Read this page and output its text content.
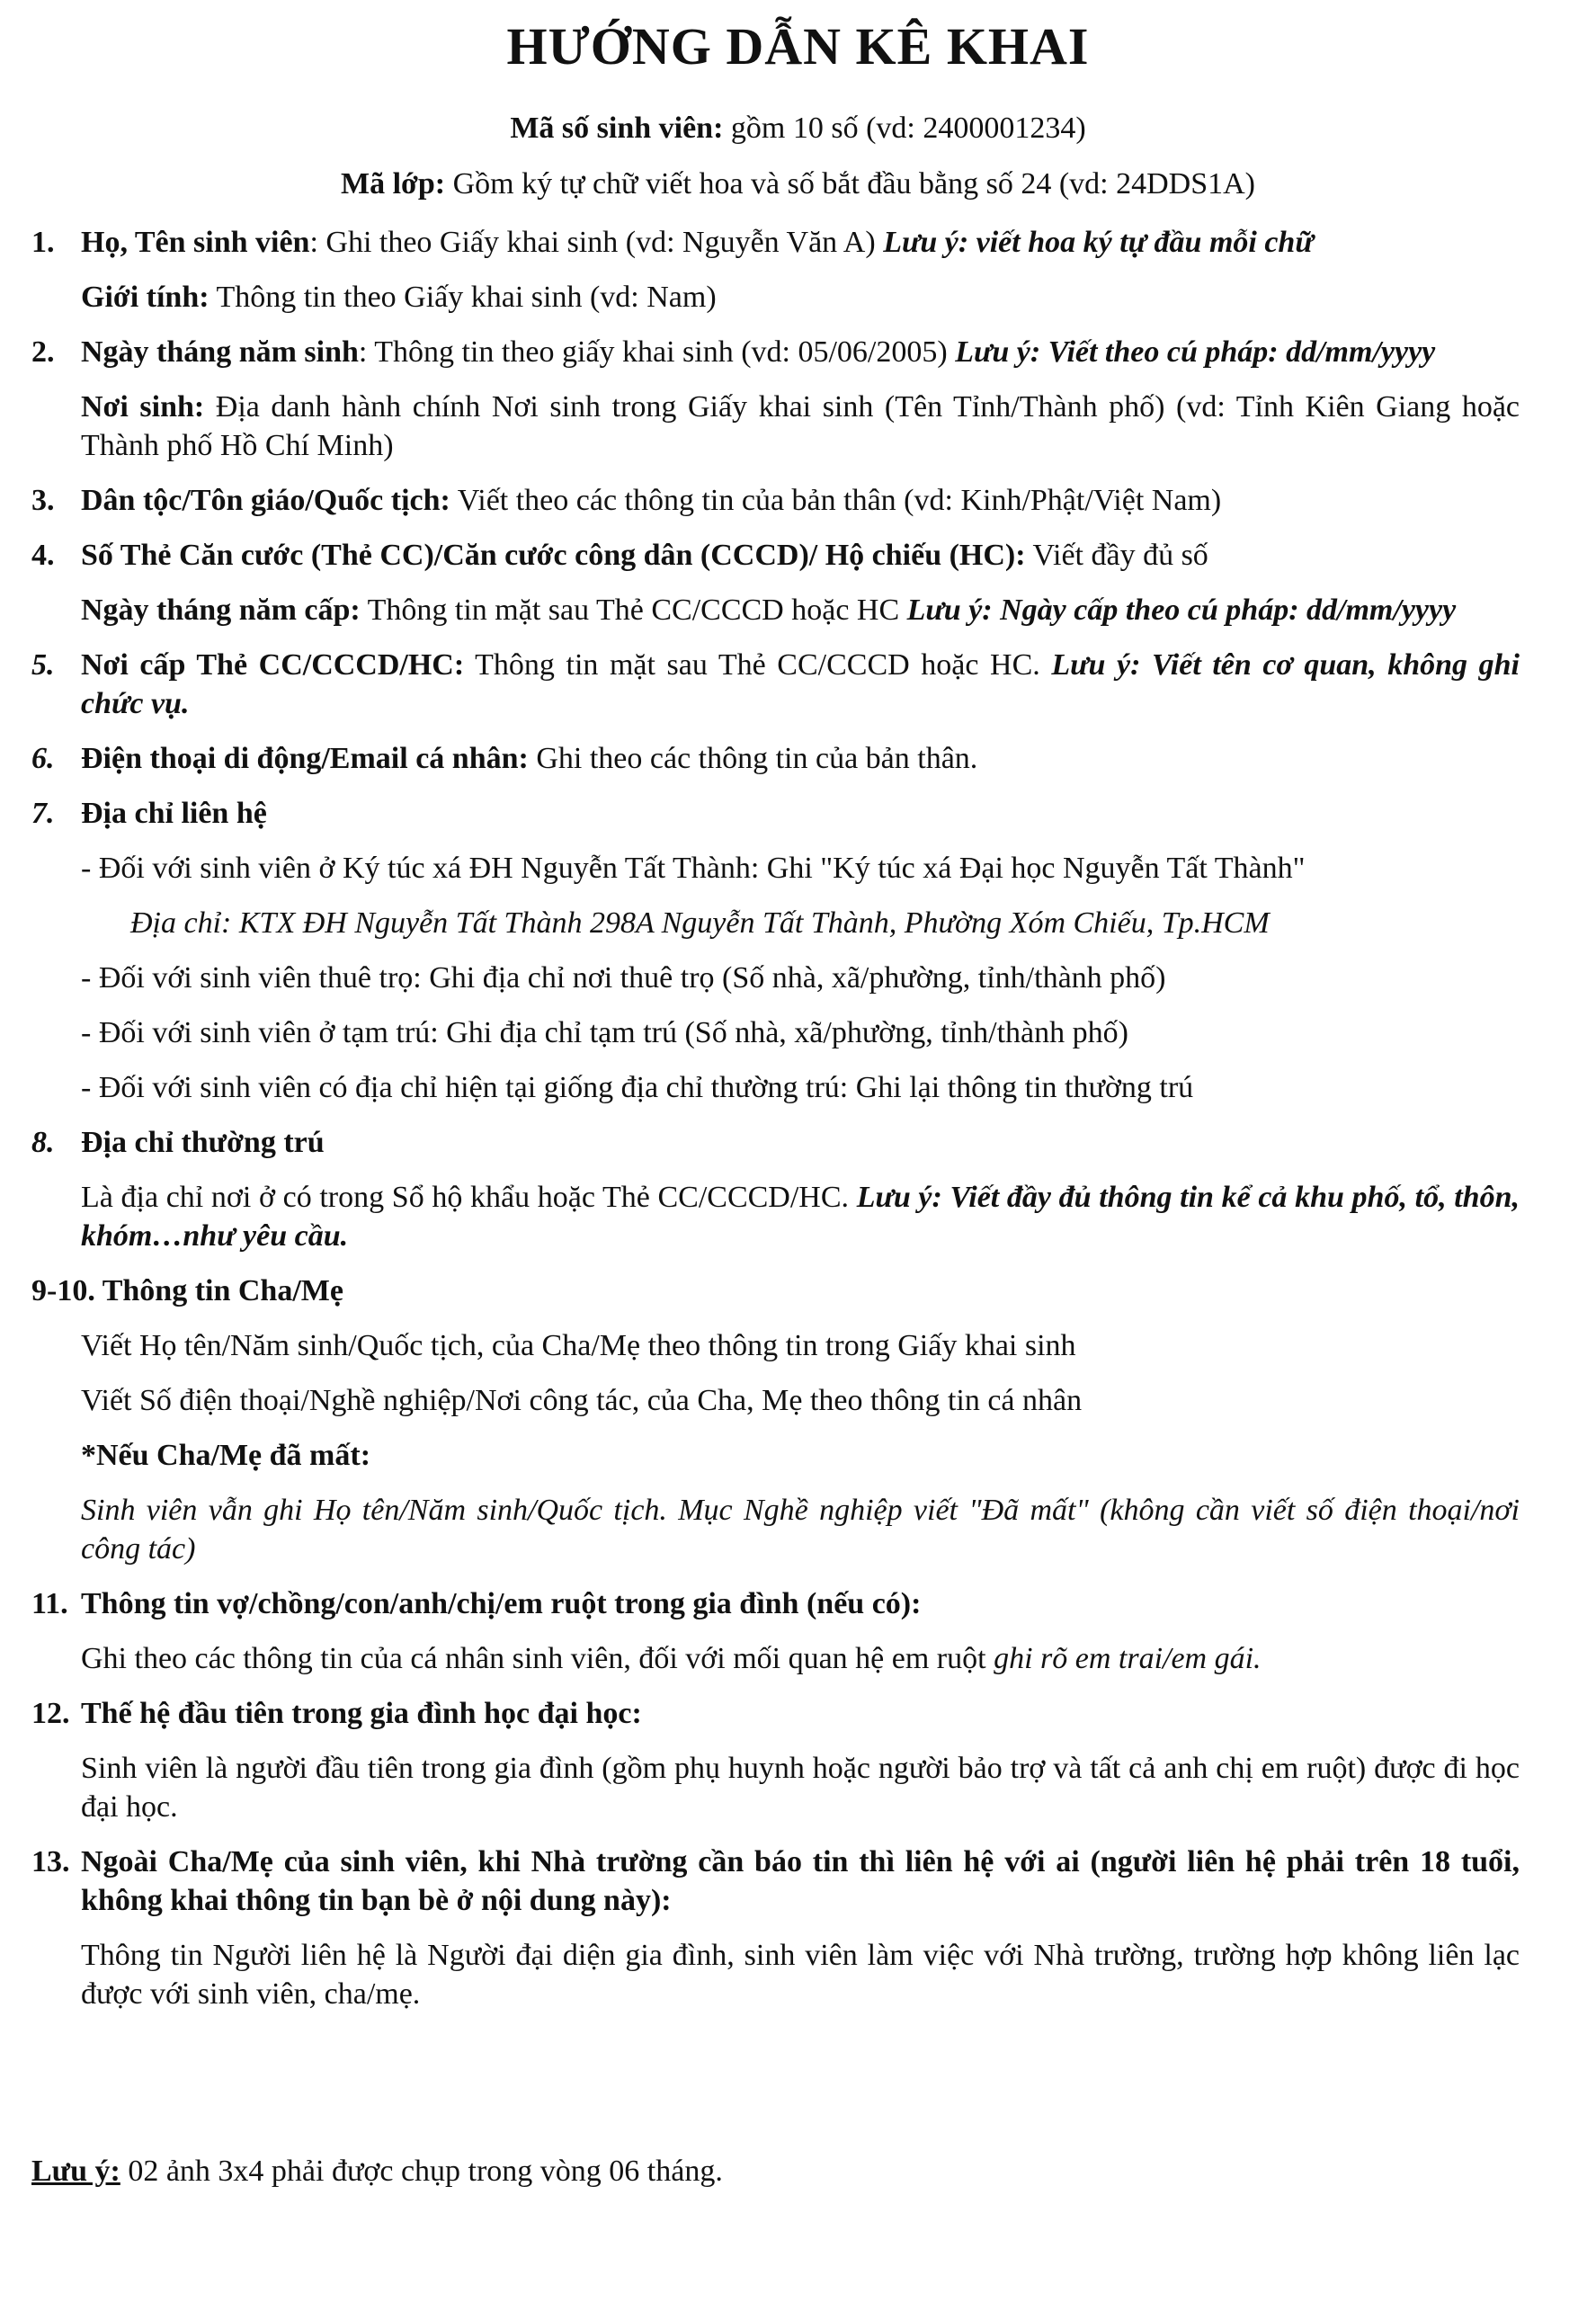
HƯỚNG DẪN KÊ KHAI
Mã số sinh viên: gồm 10 số (vd: 2400001234)
Mã lớp: Gồm ký tự chữ viết hoa và số bắt đầu bằng số 24 (vd: 24DDS1A)
1. Họ, Tên sinh viên: Ghi theo Giấy khai sinh (vd: Nguyễn Văn A) Lưu ý: viết hoa ký tự đầu mỗi chữ
Giới tính: Thông tin theo Giấy khai sinh (vd: Nam)
2. Ngày tháng năm sinh: Thông tin theo giấy khai sinh (vd: 05/06/2005) Lưu ý: Viết theo cú pháp: dd/mm/yyyy
Nơi sinh: Địa danh hành chính Nơi sinh trong Giấy khai sinh (Tên Tỉnh/Thành phố) (vd: Tỉnh Kiên Giang hoặc Thành phố Hồ Chí Minh)
3. Dân tộc/Tôn giáo/Quốc tịch: Viết theo các thông tin của bản thân (vd: Kinh/Phật/Việt Nam)
4. Số Thẻ Căn cước (Thẻ CC)/Căn cước công dân (CCCD)/ Hộ chiếu (HC): Viết đầy đủ số
Ngày tháng năm cấp: Thông tin mặt sau Thẻ CC/CCCD hoặc HC Lưu ý: Ngày cấp theo cú pháp: dd/mm/yyyy
5. Nơi cấp Thẻ CC/CCCD/HC: Thông tin mặt sau Thẻ CC/CCCD hoặc HC. Lưu ý: Viết tên cơ quan, không ghi chức vụ.
6. Điện thoại di động/Email cá nhân: Ghi theo các thông tin của bản thân.
7. Địa chỉ liên hệ
- Đối với sinh viên ở Ký túc xá ĐH Nguyễn Tất Thành: Ghi "Ký túc xá Đại học Nguyễn Tất Thành"
Địa chỉ: KTX ĐH Nguyễn Tất Thành 298A Nguyễn Tất Thành, Phường Xóm Chiếu, Tp.HCM
- Đối với sinh viên thuê trọ: Ghi địa chỉ nơi thuê trọ (Số nhà, xã/phường, tỉnh/thành phố)
- Đối với sinh viên ở tạm trú: Ghi địa chỉ tạm trú (Số nhà, xã/phường, tỉnh/thành phố)
- Đối với sinh viên có địa chỉ hiện tại giống địa chỉ thường trú: Ghi lại thông tin thường trú
8. Địa chỉ thường trú
Là địa chỉ nơi ở có trong Sổ hộ khẩu hoặc Thẻ CC/CCCD/HC. Lưu ý: Viết đầy đủ thông tin kể cả khu phố, tổ, thôn, khóm…như yêu cầu.
9-10. Thông tin Cha/Mẹ
Viết Họ tên/Năm sinh/Quốc tịch, của Cha/Mẹ theo thông tin trong Giấy khai sinh
Viết Số điện thoại/Nghề nghiệp/Nơi công tác, của Cha, Mẹ theo thông tin cá nhân
*Nếu Cha/Mẹ đã mất:
Sinh viên vẫn ghi Họ tên/Năm sinh/Quốc tịch. Mục Nghề nghiệp viết "Đã mất" (không cần viết số điện thoại/nơi công tác)
11. Thông tin vợ/chồng/con/anh/chị/em ruột trong gia đình (nếu có):
Ghi theo các thông tin của cá nhân sinh viên, đối với mối quan hệ em ruột ghi rõ em trai/em gái.
12. Thế hệ đầu tiên trong gia đình học đại học:
Sinh viên là người đầu tiên trong gia đình (gồm phụ huynh hoặc người bảo trợ và tất cả anh chị em ruột) được đi học đại học.
13. Ngoài Cha/Mẹ của sinh viên, khi Nhà trường cần báo tin thì liên hệ với ai (người liên hệ phải trên 18 tuổi, không khai thông tin bạn bè ở nội dung này):
Thông tin Người liên hệ là Người đại diện gia đình, sinh viên làm việc với Nhà trường, trường hợp không liên lạc được với sinh viên, cha/mẹ.
Lưu ý: 02 ảnh 3x4 phải được chụp trong vòng 06 tháng.
